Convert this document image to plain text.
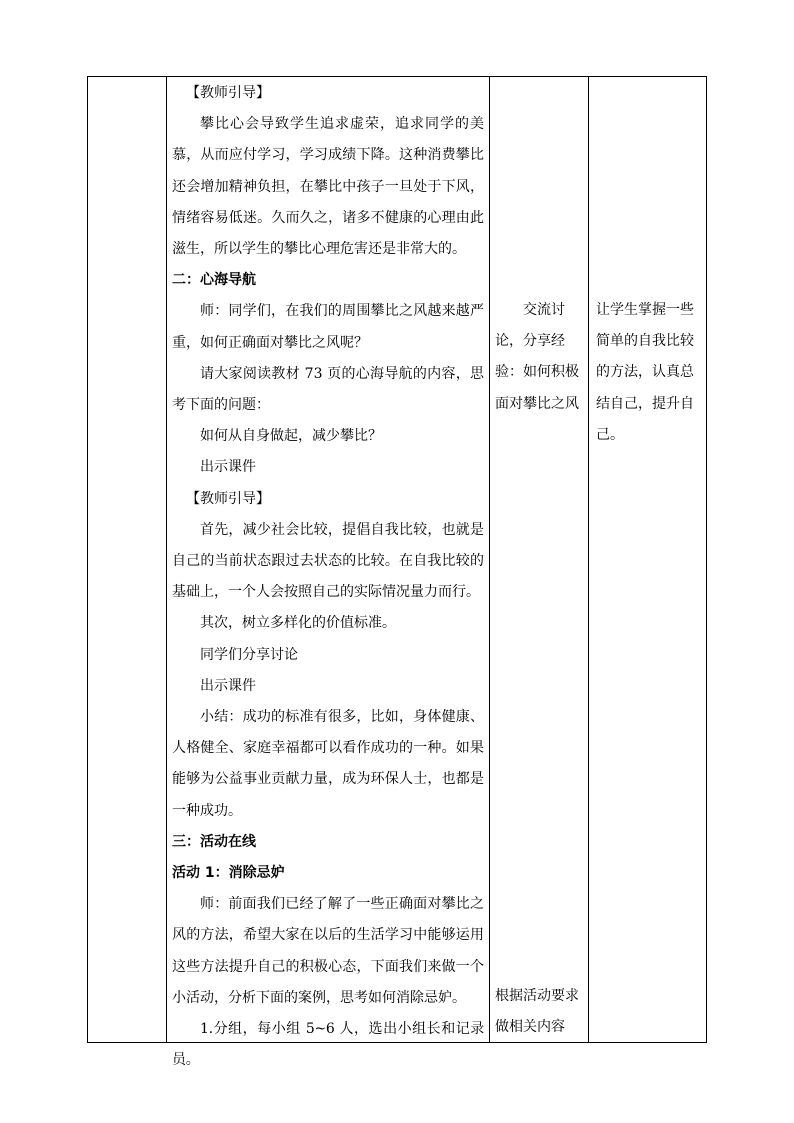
【教师引导】
攀比心会导致学生追求虚荣，追求同学的美慕，从而应付学习，学习成绩下降。这种消费攀比还会增加精神负担，在攀比中孩子一旦处于下风，情绪容易低迷。久而久之，诸多不健康的心理由此滋生，所以学生的攀比心理危害还是非常大的。
二：心海导航
师：同学们，在我们的周围攀比之风越来越严重，如何正确面对攀比之风呢？
请大家阅读教材 73 页的心海导航的内容，思考下面的问题：
如何从自身做起，减少攀比？
出示课件
【教师引导】
首先，减少社会比较，提倡自我比较，也就是自己的当前状态跟过去状态的比较。在自我比较的基础上，一个人会按照自己的实际情况量力而行。
其次，树立多样化的价值标准。
同学们分享讨论
出示课件
小结：成功的标准有很多，比如，身体健康、人格健全、家庭幸福都可以看作成功的一种。如果能够为公益事业贡献力量，成为环保人士，也都是一种成功。
三：活动在线
活动 1：消除忌妒
师：前面我们已经了解了一些正确面对攀比之风的方法，希望大家在以后的生活学习中能够运用这些方法提升自己的积极心态，下面我们来做一个小活动，分析下面的案例，思考如何消除忌妒。
1.分组，每小组 5~6 人，选出小组长和记录员。
交流讨论，分享经验：如何积极面对攀比之风
根据活动要求做相关内容
让学生掌握一些简单的自我比较的方法，认真总结自己，提升自己。
